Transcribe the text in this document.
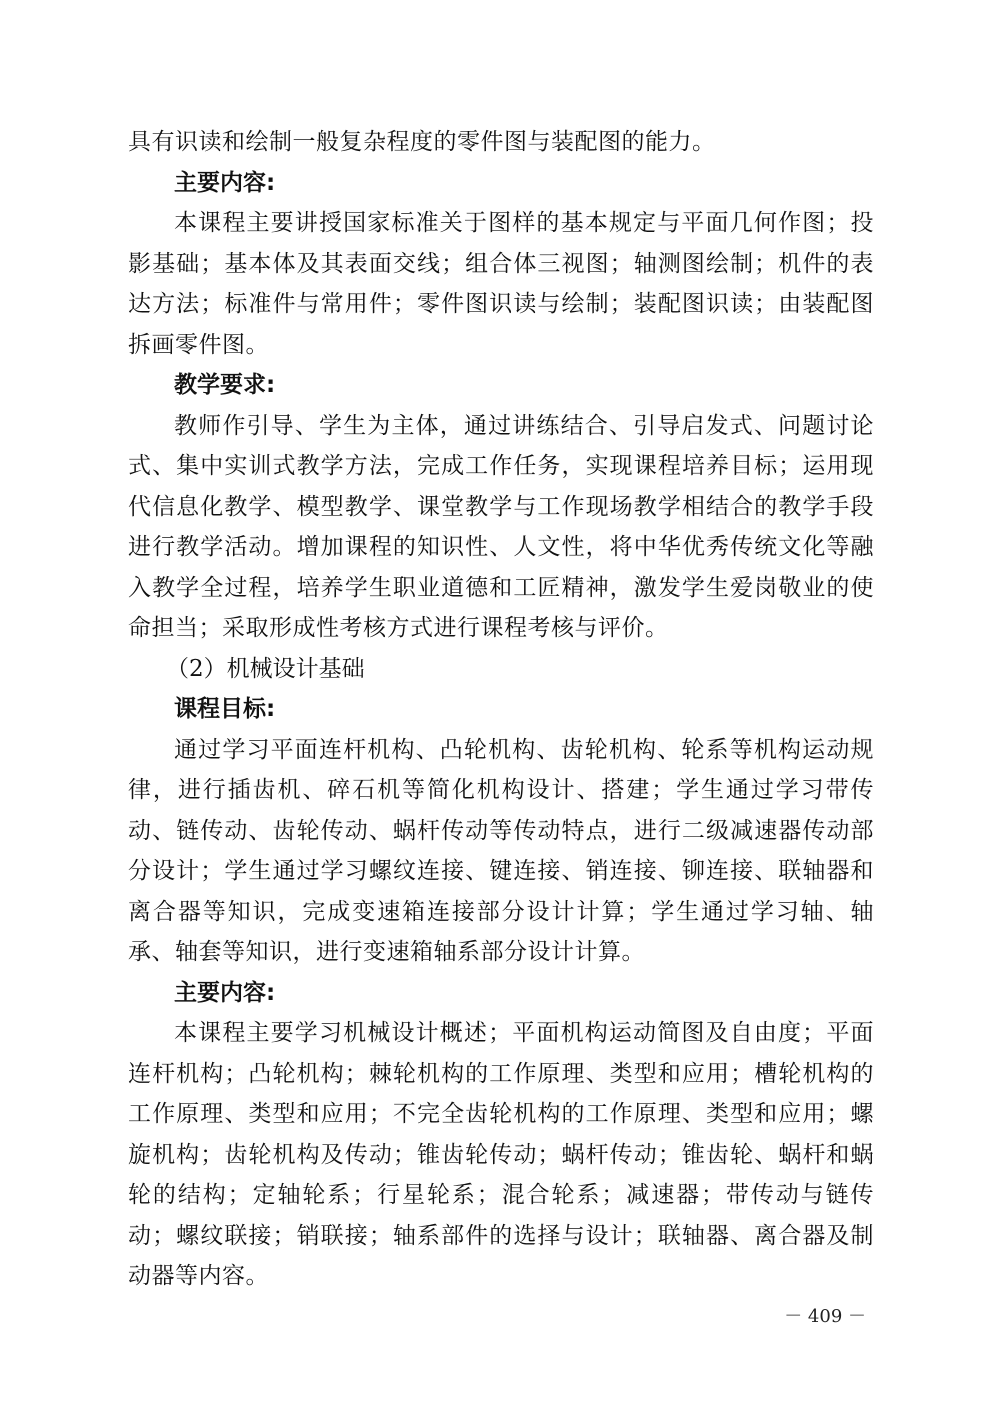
具有识读和绘制一般复杂程度的零件图与装配图的能力。

主要内容:

本课程主要讲授国家标准关于图样的基本规定与平面几何作图；投影基础；基本体及其表面交线；组合体三视图；轴测图绘制；机件的表达方法；标准件与常用件；零件图识读与绘制；装配图识读；由装配图拆画零件图。

教学要求:

教师作引导、学生为主体，通过讲练结合、引导启发式、问题讨论式、集中实训式教学方法，完成工作任务，实现课程培养目标；运用现代信息化教学、模型教学、课堂教学与工作现场教学相结合的教学手段进行教学活动。增加课程的知识性、人文性，将中华优秀传统文化等融入教学全过程，培养学生职业道德和工匠精神，激发学生爱岗敬业的使命担当；采取形成性考核方式进行课程考核与评价。

（2）机械设计基础

课程目标:

通过学习平面连杆机构、凸轮机构、齿轮机构、轮系等机构运动规律，进行插齿机、碎石机等简化机构设计、搭建；学生通过学习带传动、链传动、齿轮传动、蜗杆传动等传动特点，进行二级减速器传动部分设计；学生通过学习螺纹连接、键连接、销连接、铆连接、联轴器和离合器等知识，完成变速箱连接部分设计计算；学生通过学习轴、轴承、轴套等知识，进行变速箱轴系部分设计计算。

主要内容:

本课程主要学习机械设计概述；平面机构运动简图及自由度；平面连杆机构；凸轮机构；棘轮机构的工作原理、类型和应用；槽轮机构的工作原理、类型和应用；不完全齿轮机构的工作原理、类型和应用；螺旋机构；齿轮机构及传动；锥齿轮传动；蜗杆传动；锥齿轮、蜗杆和蜗轮的结构；定轴轮系；行星轮系；混合轮系；减速器；带传动与链传动；螺纹联接；销联接；轴系部件的选择与设计；联轴器、离合器及制动器等内容。

－ 409 －
